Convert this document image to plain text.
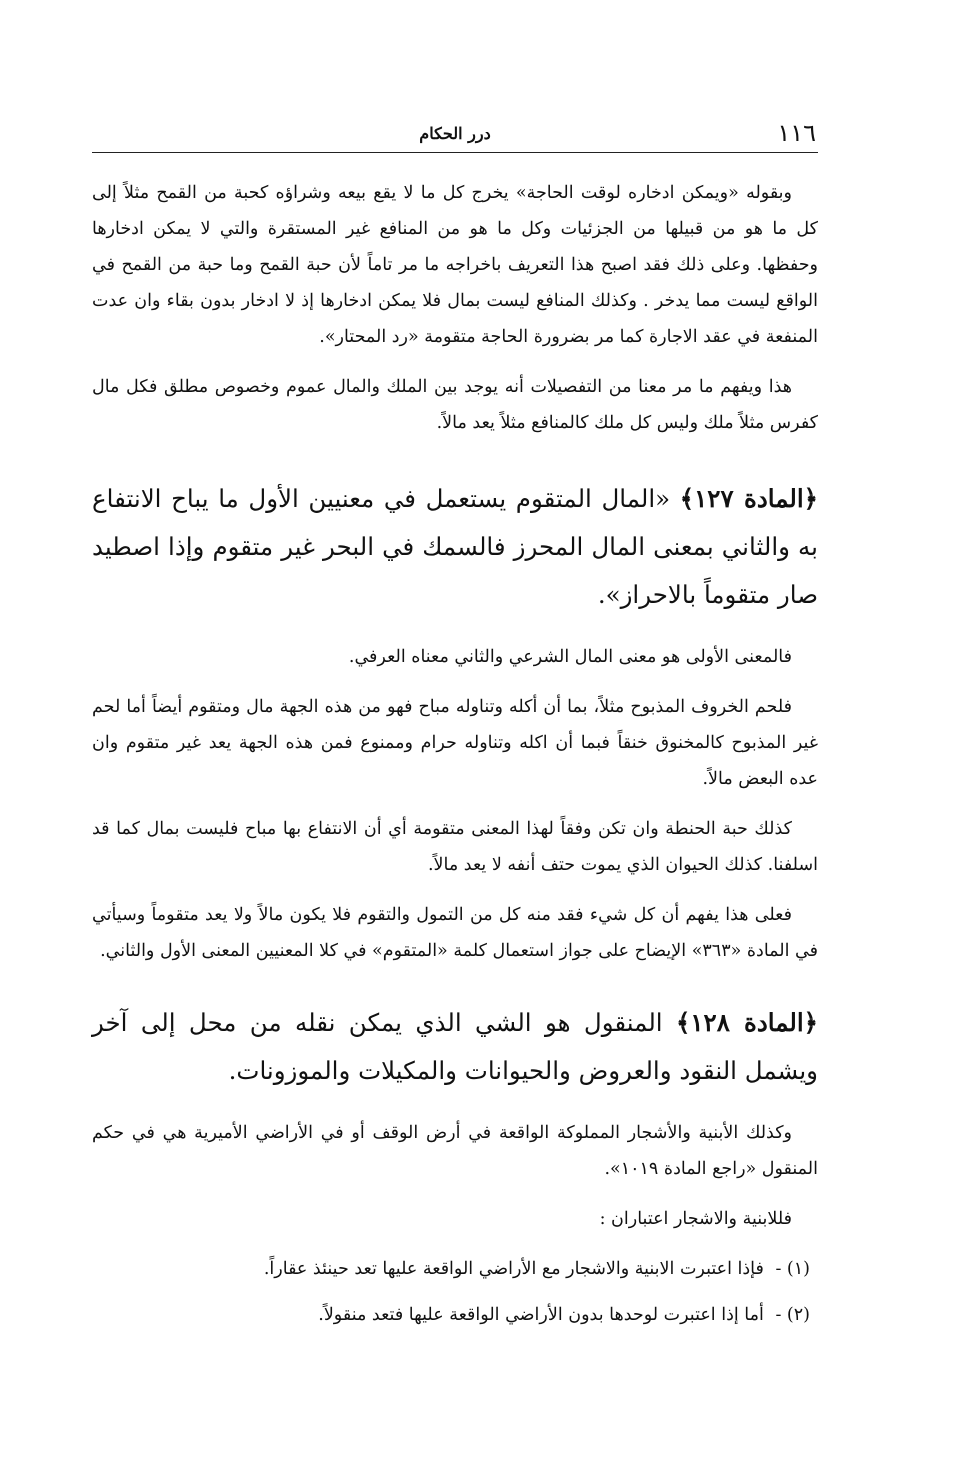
١١٦
درر الحكام

وبقوله «ويمكن ادخاره لوقت الحاجة» يخرج كل ما لا يقع بيعه وشراؤه كحبة من القمح مثلاً إلى كل ما هو من قبيلها من الجزئيات وكل ما هو من المنافع غير المستقرة والتي لا يمكن ادخارها وحفظها. وعلى ذلك فقد اصبح هذا التعريف باخراجه ما مر تاماً لأن حبة القمح وما حبة من القمح في الواقع ليست مما يدخر . وكذلك المنافع ليست بمال فلا يمكن ادخارها إذ لا ادخار بدون بقاء وان عدت المنفعة في عقد الاجارة كما مر بضرورة الحاجة متقومة «رد المحتار».

هذا ويفهم ما مر معنا من التفصيلات أنه يوجد بين الملك والمال عموم وخصوص مطلق فكل مال كفرس مثلاً ملك وليس كل ملك كالمنافع مثلاً يعد مالاً.

﴿المادة ١٢٧﴾ «المال المتقوم يستعمل في معنيين الأول ما يباح الانتفاع به والثاني بمعنى المال المحرز فالسمك في البحر غير متقوم وإذا اصطيد صار متقوماً بالاحراز».

فالمعنى الأولى هو معنى المال الشرعي والثاني معناه العرفي.

فلحم الخروف المذبوح مثلاً، بما أن أكله وتناوله مباح فهو من هذه الجهة مال ومتقوم أيضاً أما لحم غير المذبوح كالمخنوق خنقاً فبما أن اكله وتناوله حرام وممنوع فمن هذه الجهة يعد غير متقوم وان عده البعض مالاً.

كذلك حبة الحنطة وان تكن وفقاً لهذا المعنى متقومة أي أن الانتفاع بها مباح فليست بمال كما قد اسلفنا. كذلك الحيوان الذي يموت حتف أنفه لا يعد مالاً.

فعلى هذا يفهم أن كل شيء فقد منه كل من التمول والتقوم فلا يكون مالاً ولا يعد متقوماً وسيأتي في المادة «٣٦٣» الإيضاح على جواز استعمال كلمة «المتقوم» في كلا المعنيين المعنى الأول والثاني.

﴿المادة ١٢٨﴾ المنقول هو الشي الذي يمكن نقله من محل إلى آخر ويشمل النقود والعروض والحيوانات والمكيلات والموزونات.

وكذلك الأبنية والأشجار المملوكة الواقعة في أرض الوقف أو في الأراضي الأميرية هي في حكم المنقول «راجع المادة ١٠١٩».

فللابنية والاشجار اعتباران :

(١) - فإذا اعتبرت الابنية والاشجار مع الأراضي الواقعة عليها تعد حينئذ عقاراً.
(٢) - أما إذا اعتبرت لوحدها بدون الأراضي الواقعة عليها فتعد منقولاً.
